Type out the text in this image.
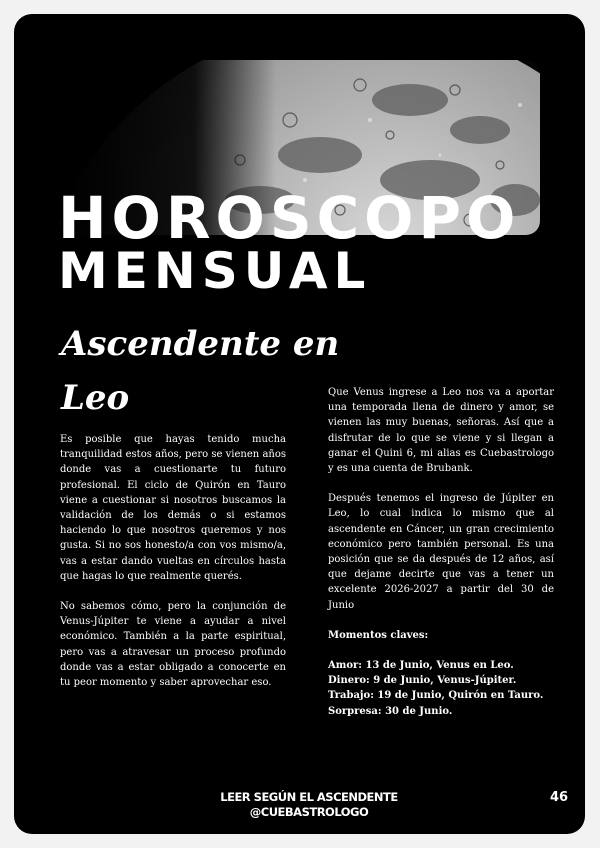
HOROSCOPO
MENSUAL
Ascendente en
Leo

Es posible que hayas tenido mucha tranquilidad estos años, pero se vienen años donde vas a cuestionarte tu futuro profesional. El ciclo de Quirón en Tauro viene a cuestionar si nosotros buscamos la validación de los demás o si estamos haciendo lo que nosotros queremos y nos gusta. Si no sos honesto/a con vos mismo/a, vas a estar dando vueltas en círculos hasta que hagas lo que realmente querés.

No sabemos cómo, pero la conjunción de Venus-Júpiter te viene a ayudar a nivel económico. También a la parte espiritual, pero vas a atravesar un proceso profundo donde vas a estar obligado a conocerte en tu peor momento y saber aprovechar eso.

Que Venus ingrese a Leo nos va a aportar una temporada llena de dinero y amor, se vienen las muy buenas, señoras. Así que a disfrutar de lo que se viene y si llegan a ganar el Quini 6, mi alias es Cuebastrologo y es una cuenta de Brubank.

Después tenemos el ingreso de Júpiter en Leo, lo cual indica lo mismo que al ascendente en Cáncer, un gran crecimiento económico pero también personal. Es una posición que se da después de 12 años, así que dejame decirte que vas a tener un excelente 2026-2027 a partir del 30 de Junio

Momentos claves:

Amor: 13 de Junio, Venus en Leo.
Dinero: 9 de Junio, Venus-Júpiter.
Trabajo: 19 de Junio, Quirón en Tauro.
Sorpresa: 30 de Junio.
LEER SEGÚN EL ASCENDENTE
@CUEBASTROLOGO
46
